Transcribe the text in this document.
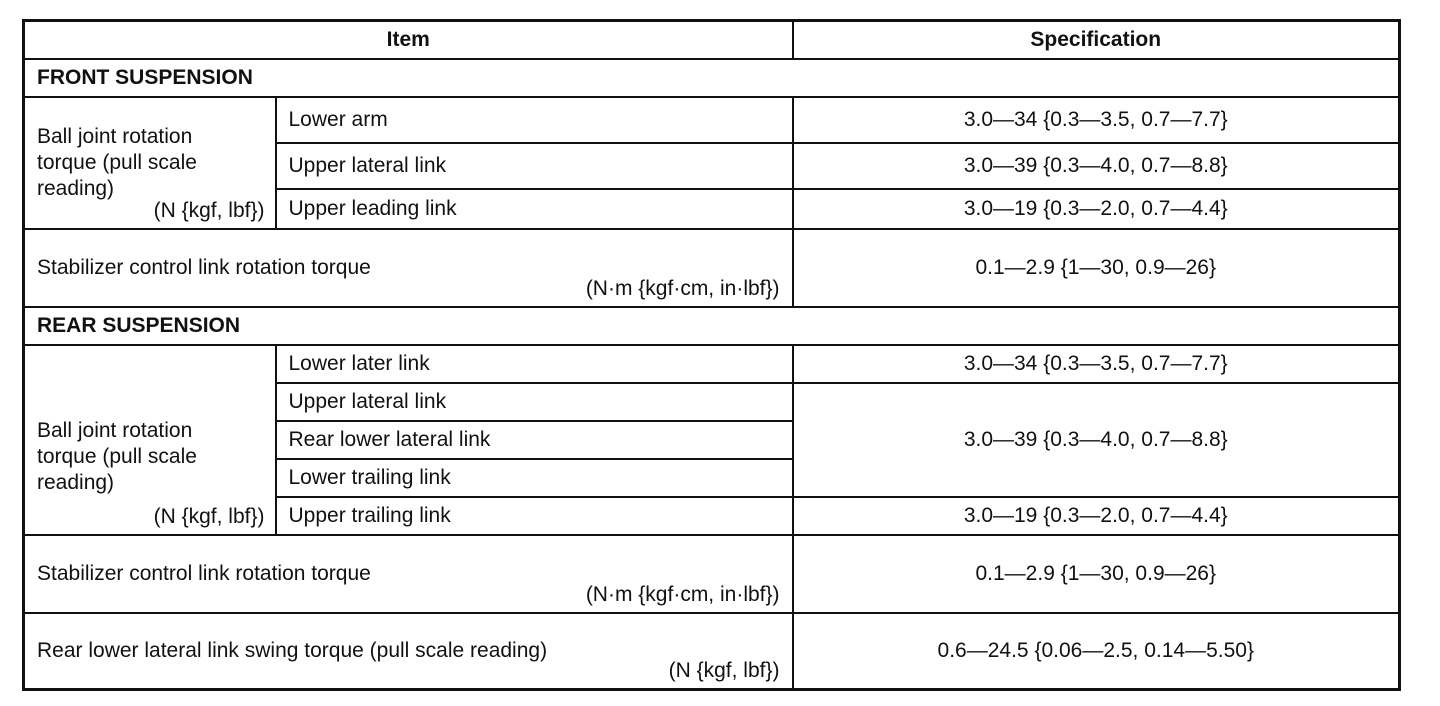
Item		Specification
FRONT SUSPENSION		

Ball joint rotation
torque (pull scale
reading)
(N {kgf, lbf})	Lower arm	3.0—34 {0.3—3.5, 0.7—7.7}
	Upper lateral link	3.0—39 {0.3—4.0, 0.7—8.8}
	Upper leading link	3.0—19 {0.3—2.0, 0.7—4.4}

Stabilizer control link rotation torque
(N·m {kgf·cm, in·lbf})		0.1—2.9 {1—30, 0.9—26}
REAR SUSPENSION		

Ball joint rotation
torque (pull scale
reading)
(N {kgf, lbf})	Lower later link	3.0—34 {0.3—3.5, 0.7—7.7}
	Upper lateral link	3.0—39 {0.3—4.0, 0.7—8.8}
	Rear lower lateral link	
	Lower trailing link	
	Upper trailing link	3.0—19 {0.3—2.0, 0.7—4.4}

Stabilizer control link rotation torque
(N·m {kgf·cm, in·lbf})		0.1—2.9 {1—30, 0.9—26}

Rear lower lateral link swing torque (pull scale reading)
(N {kgf, lbf})		0.6—24.5 {0.06—2.5, 0.14—5.50}
